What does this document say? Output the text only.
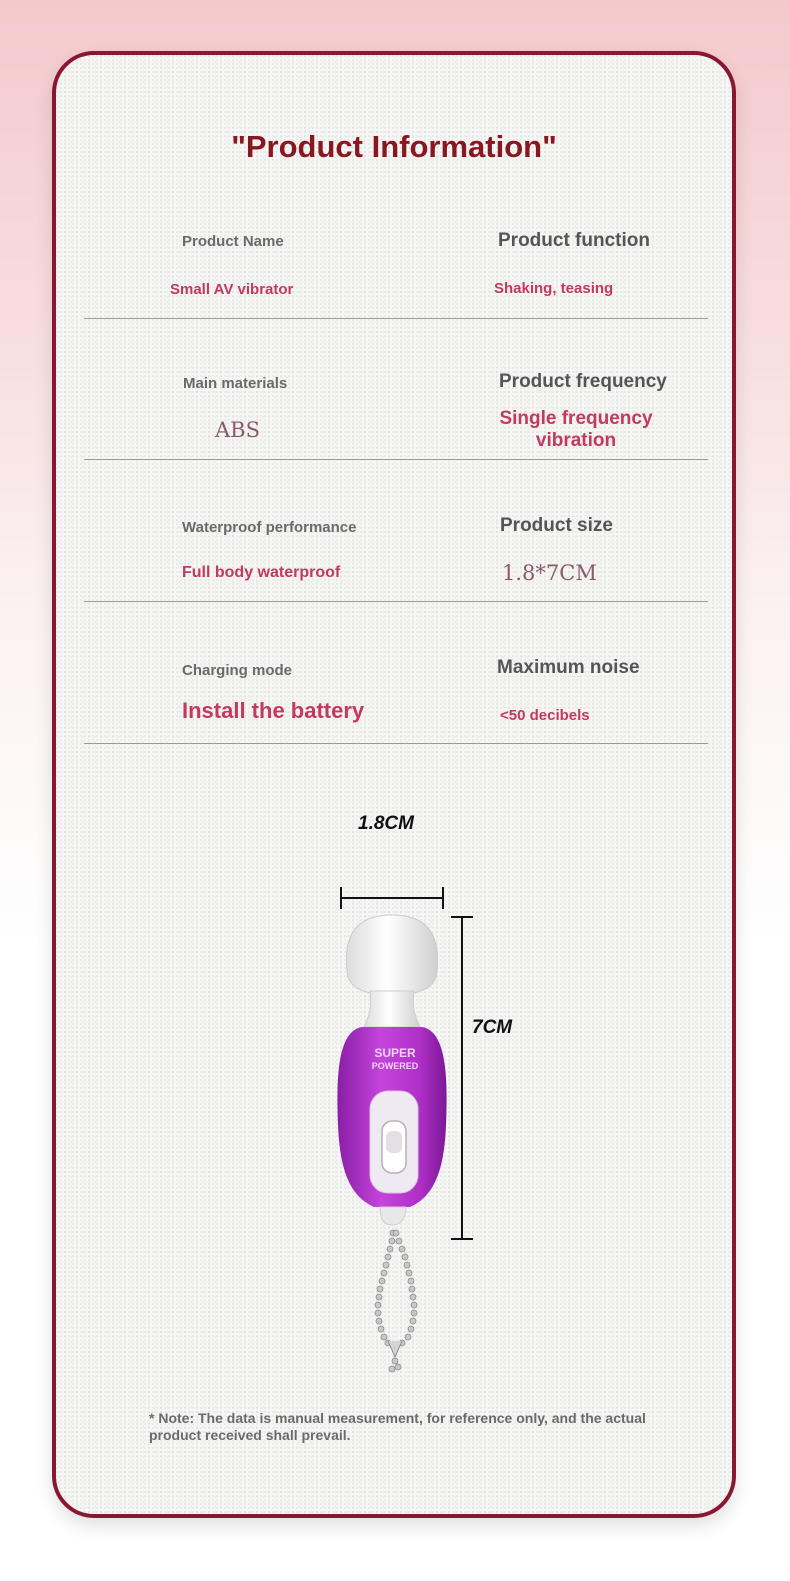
"Product Information"
Product Name	Product function
Small AV vibrator	Shaking, teasing
Main materials	Product frequency
ABS	Single frequency
vibration
Waterproof performance	Product size
Full body waterproof	1.8*7CM
Charging mode	Maximum noise
Install the battery	<50 decibels
1.8CM
7CM
SUPER
POWERED
* Note: The data is manual measurement, for reference only, and the actual product received shall prevail.
